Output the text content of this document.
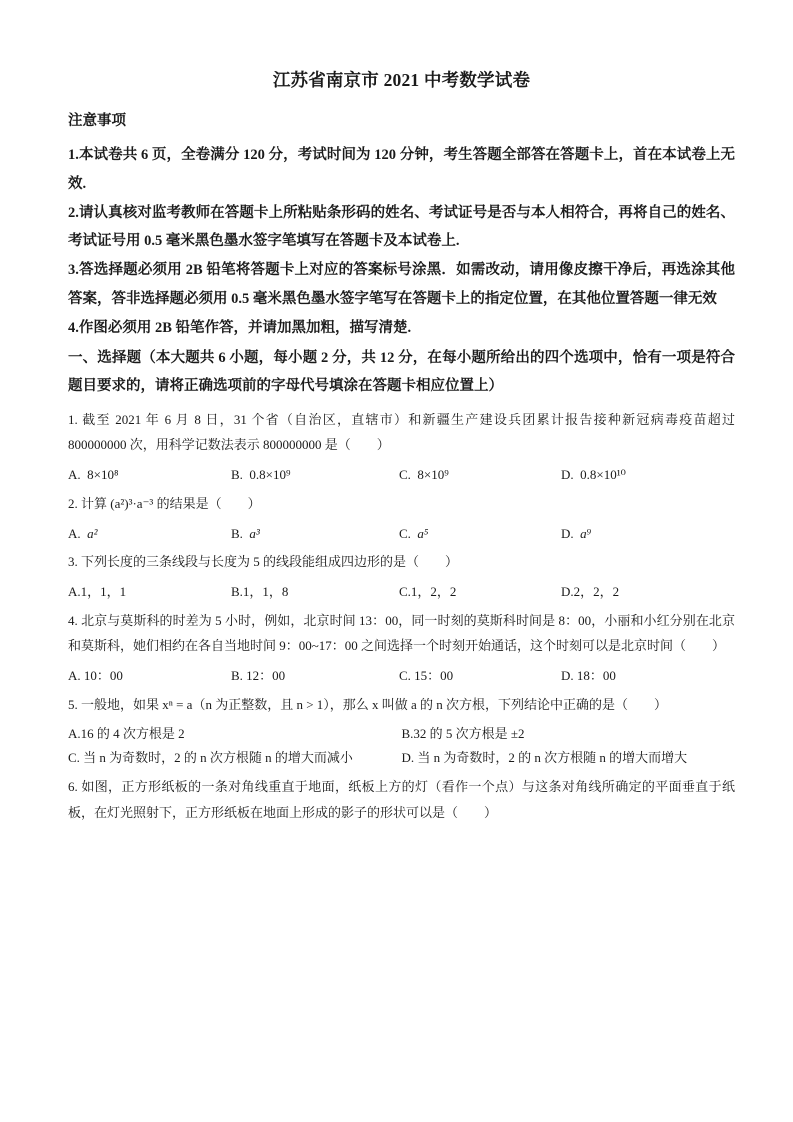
江苏省南京市 2021 中考数学试卷
注意事项

1.本试卷共 6 页，全卷满分 120 分，考试时间为 120 分钟，考生答题全部答在答题卡上，首在本试卷上无效.

2.请认真核对监考教师在答题卡上所粘贴条形码的姓名、考试证号是否与本人相符合，再将自己的姓名、考试证号用 0.5 毫米黑色墨水签字笔填写在答题卡及本试卷上.

3.答选择题必须用 2B 铅笔将答题卡上对应的答案标号涂黑．如需改动，请用像皮擦干净后，再选涂其他答案，答非选择题必须用 0.5 毫米黑色墨水签字笔写在答题卡上的指定位置，在其他位置答题一律无效

4.作图必须用 2B 铅笔作答，并请加黑加粗，描写清楚.

一、选择题（本大题共 6 小题，每小题 2 分，共 12 分，在每小题所给出的四个选项中，恰有一项是符合题目要求的，请将正确选项前的字母代号填涂在答题卡相应位置上）

1. 截至 2021 年 6 月 8 日，31 个省（自治区，直辖市）和新疆生产建设兵团累计报告接种新冠病毒疫苗超过 800000000 次，用科学记数法表示 800000000 是（　　）

A. 8×10⁸	B. 0.8×10⁹	C. 8×10⁹	D. 0.8×10¹⁰

2. 计算 (a²)³·a⁻³ 的结果是（　　）

A. a²	B. a³	C. a⁵	D. a⁹

3. 下列长度的三条线段与长度为 5 的线段能组成四边形的是（　　）

A.1，1，1	B.1，1，8	C.1，2，2	D.2，2，2

4. 北京与莫斯科的时差为 5 小时，例如，北京时间 13：00，同一时刻的莫斯科时间是 8：00，小丽和小红分别在北京和莫斯科，她们相约在各自当地时间 9：00~17：00 之间选择一个时刻开始通话，这个时刻可以是北京时间（　　）

A. 10：00	B. 12：00	C. 15：00	D. 18：00

5. 一般地，如果 xⁿ = a（n 为正整数，且 n > 1），那么 x 叫做 a 的 n 次方根，下列结论中正确的是（　　）

A.16 的 4 次方根是 2	B.32 的 5 次方根是 ±2
C. 当 n 为奇数时，2 的 n 次方根随 n 的增大而减小	D. 当 n 为奇数时，2 的 n 次方根随 n 的增大而增大

6. 如图，正方形纸板的一条对角线重直于地面，纸板上方的灯（看作一个点）与这条对角线所确定的平面垂直于纸板，在灯光照射下，正方形纸板在地面上形成的影子的形状可以是（　　）
